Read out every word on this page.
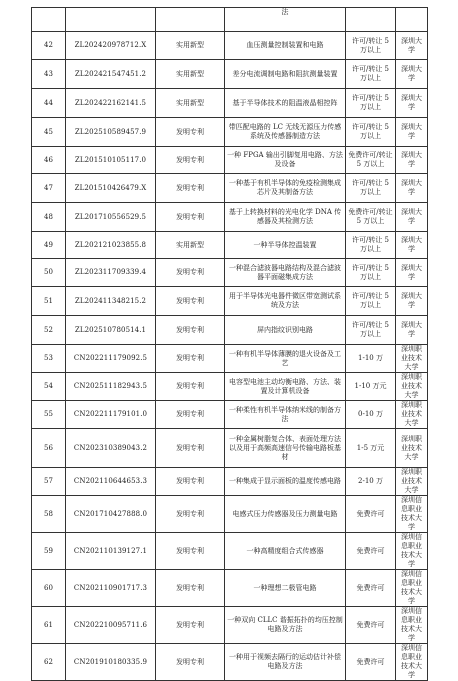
			法		
42	ZL202420978712.X	实用新型	血压测量控制装置和电路	许可/转让 5 万以上	深圳大学
43	ZL202421547451.2	实用新型	差分电流调制电路和阻抗测量装置	许可/转让 5 万以上	深圳大学
44	ZL202422162141.5	实用新型	基于半导体技术的阻温液晶相控阵	许可/转让 5 万以上	深圳大学
45	ZL202510589457.9	发明专利	带匹配电路的 LC 无线无源压力传感系统及传感器制造方法	许可/转让 5 万以上	深圳大学
46	ZL201510105117.0	发明专利	一种 FPGA 输出引脚复用电路、方法及设备	免费许可/转让 5 万以上	深圳大学
47	ZL201510426479.X	发明专利	一种基于有机半导体的免疫检测集成芯片及其制备方法	许可/转让 5 万以上	深圳大学
48	ZL201710556529.5	发明专利	基于上转换材料的光电化学 DNA 传感器及其检测方法	免费许可/转让 5 万以上	深圳大学
49	ZL202121023855.8	实用新型	一种半导体控温装置	许可/转让 5 万以上	深圳大学
50	ZL202311709339.4	发明专利	一种混合滤波器电路结构及混合滤波器平面磁集成方法	许可/转让 5 万以上	深圳大学
51	ZL202411348215.2	发明专利	用于半导体光电器件微区带宽测试系统及方法	许可/转让 5 万以上	深圳大学
52	ZL202510780514.1	发明专利	屏内指纹识别电路	许可/转让 5 万以上	深圳大学
53	CN202211179092.5	发明专利	一种有机半导体薄膜的退火设备及工艺	1-10 万	深圳职业技术大学
54	CN202511182943.5	发明专利	电容型电池主动均衡电路、方法、装置及计算机设备	1-10 万元	深圳职业技术大学
55	CN202211179101.0	发明专利	一种柔性有机半导体纳米线的制备方法	0-10 万	深圳职业技术大学
56	CN202310389043.2	发明专利	一种金属树脂复合体、表面处理方法以及用于高频高速信号传输电路板基材	1-5 万元	深圳职业技术大学
57	CN202110644653.3	发明专利	一种集成于显示面板的温度传感电路	2-10 万	深圳职业技术大学
58	CN201710427888.0	发明专利	电感式压力传感器及压力测量电路	免费许可	深圳信息职业技术大学
59	CN202110139127.1	发明专利	一种高精度组合式传感器	免费许可	深圳信息职业技术大学
60	CN202110901717.3	发明专利	一种理想二极管电路	免费许可	深圳信息职业技术大学
61	CN202210095711.6	发明专利	一种双向 CLLC 谐振拓扑的均压控制电路及方法	免费许可	深圳信息职业技术大学
62	CN201910180335.9	发明专利	一种用于视频去隔行的运动估计补偿电路及方法	免费许可	深圳信息职业技术大学
